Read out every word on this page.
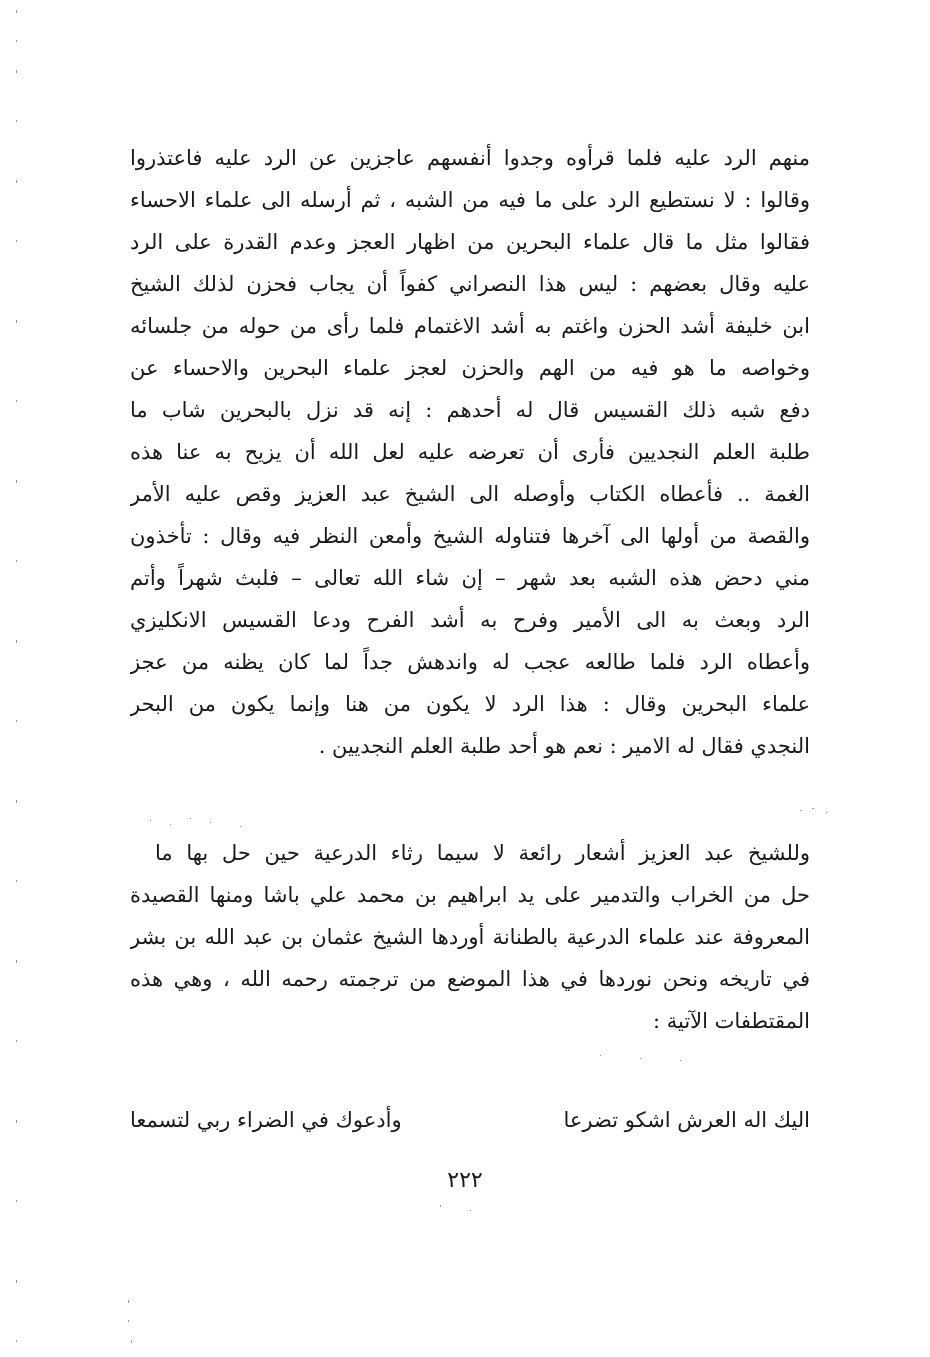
منهم الرد عليه فلما قرأوه وجدوا أنفسهم عاجزين عن الرد عليه فاعتذروا
وقالوا : لا نستطيع الرد على ما فيه من الشبه ، ثم أرسله الى علماء الاحساء
فقالوا مثل ما قال علماء البحرين من اظهار العجز وعدم القدرة على الرد
عليه وقال بعضهم : ليس هذا النصراني كفواً أن يجاب فحزن لذلك الشيخ
ابن خليفة أشد الحزن واغتم به أشد الاغتمام فلما رأى من حوله من جلسائه
وخواصه ما هو فيه من الهم والحزن لعجز علماء البحرين والاحساء عن
دفع شبه ذلك القسيس قال له أحدهم : إنه قد نزل بالبحرين شاب ما
طلبة العلم النجديين فأرى أن تعرضه عليه لعل الله أن يزيح به عنا هذه
الغمة .. فأعطاه الكتاب وأوصله الى الشيخ عبد العزيز وقص عليه الأمر
والقصة من أولها الى آخرها فتناوله الشيخ وأمعن النظر فيه وقال : تأخذون
مني دحض هذه الشبه بعد شهر – إن شاء الله تعالى – فلبث شهراً وأتم
الرد وبعث به الى الأمير وفرح به أشد الفرح ودعا القسيس الانكليزي
وأعطاه الرد فلما طالعه عجب له واندهش جداً لما كان يظنه من عجز
علماء البحرين وقال : هذا الرد لا يكون من هنا وإنما يكون من البحر
النجدي فقال له الامير : نعم هو أحد طلبة العلم النجديين .
وللشيخ عبد العزيز أشعار رائعة لا سيما رثاء الدرعية حين حل بها ما
حل من الخراب والتدمير على يد ابراهيم بن محمد علي باشا ومنها القصيدة
المعروفة عند علماء الدرعية بالطنانة أوردها الشيخ عثمان بن عبد الله بن بشر
في تاريخه ونحن نوردها في هذا الموضع من ترجمته رحمه الله ، وهي هذه
المقتطفات الآتية :
اليك اله العرش اشكو تضرعا
وأدعوك في الضراء ربي لتسمعا
٢٢٢
